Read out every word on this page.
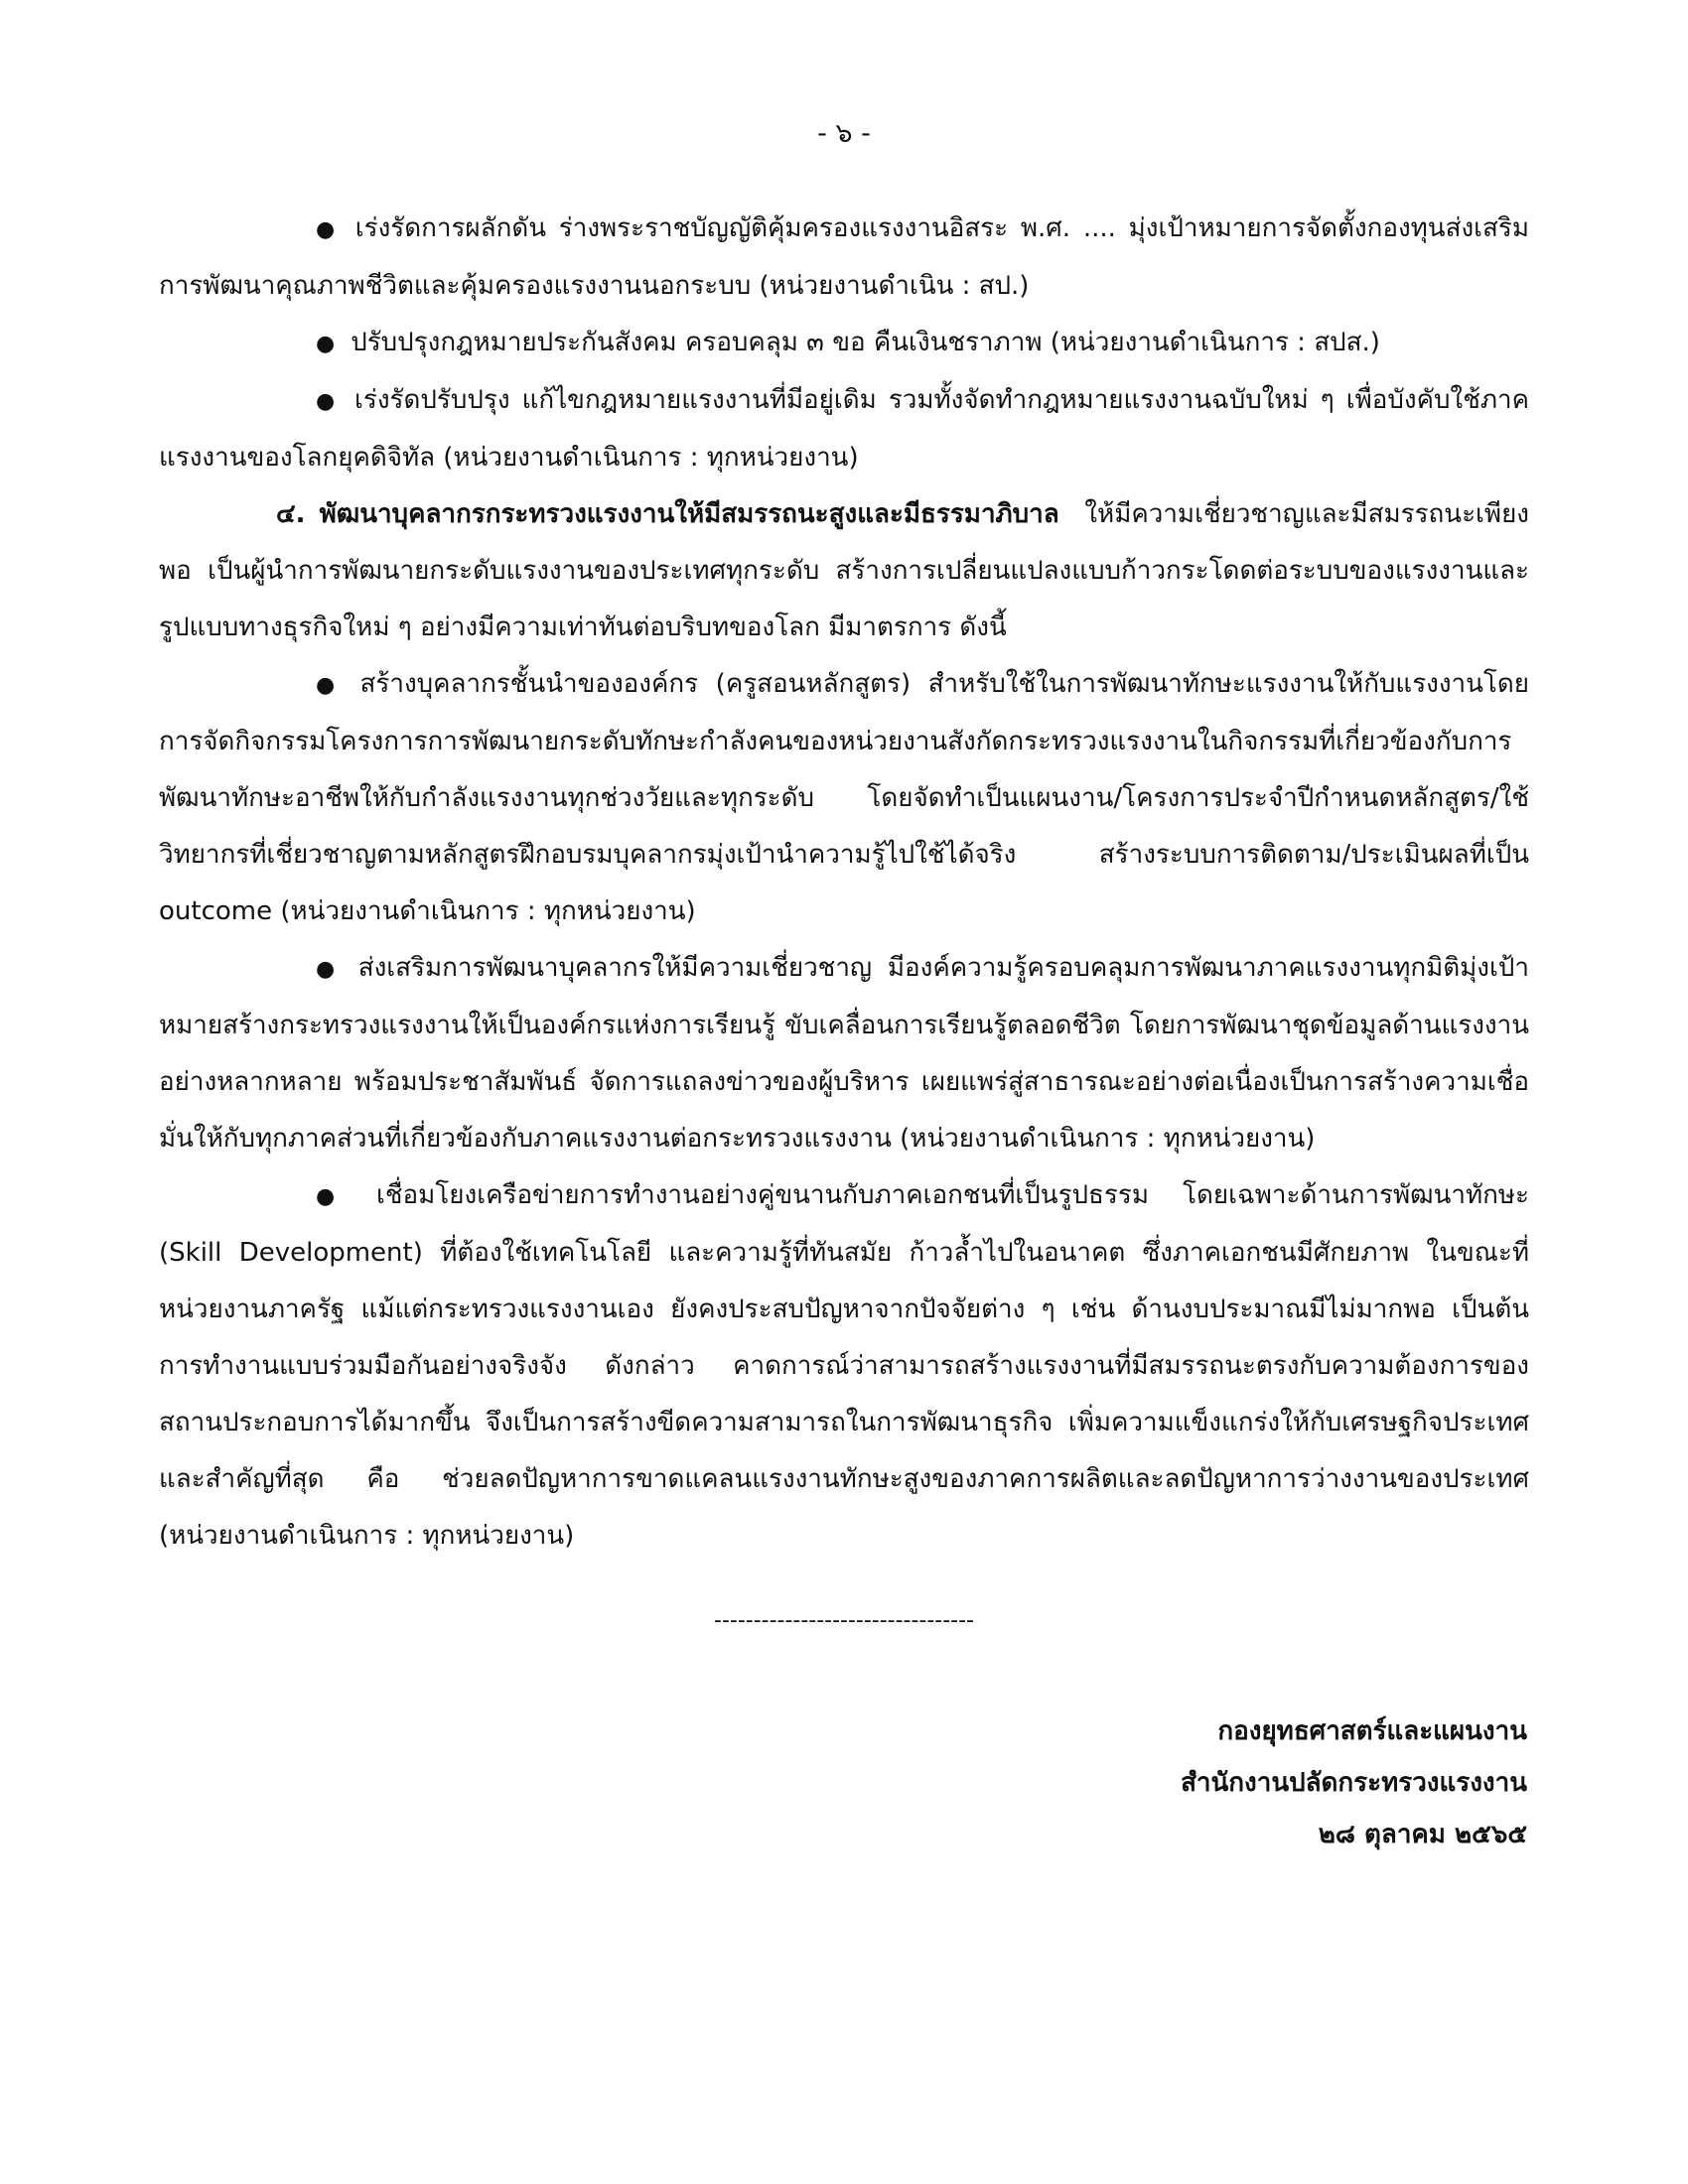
- ๖ -

● เร่งรัดการผลักดัน ร่างพระราชบัญญัติคุ้มครองแรงงานอิสระ พ.ศ. .... มุ่งเป้าหมายการจัดตั้งกองทุนส่งเสริมการพัฒนาคุณภาพชีวิตและคุ้มครองแรงงานนอกระบบ (หน่วยงานดำเนิน : สป.)

● ปรับปรุงกฎหมายประกันสังคม ครอบคลุม ๓ ขอ คืนเงินชราภาพ (หน่วยงานดำเนินการ : สปส.)

● เร่งรัดปรับปรุง แก้ไขกฎหมายแรงงานที่มีอยู่เดิม รวมทั้งจัดทำกฎหมายแรงงานฉบับใหม่ ๆ เพื่อบังคับใช้ภาคแรงงานของโลกยุคดิจิทัล (หน่วยงานดำเนินการ : ทุกหน่วยงาน)

๔. พัฒนาบุคลากรกระทรวงแรงงานให้มีสมรรถนะสูงและมีธรรมาภิบาล ให้มีความเชี่ยวชาญและมีสมรรถนะเพียงพอ เป็นผู้นำการพัฒนายกระดับแรงงานของประเทศทุกระดับ สร้างการเปลี่ยนแปลงแบบก้าวกระโดดต่อระบบของแรงงานและรูปแบบทางธุรกิจใหม่ ๆ อย่างมีความเท่าทันต่อบริบทของโลก มีมาตรการ ดังนี้

● สร้างบุคลากรชั้นนำขององค์กร (ครูสอนหลักสูตร) สำหรับใช้ในการพัฒนาทักษะแรงงานให้กับแรงงานโดยการจัดกิจกรรมโครงการการพัฒนายกระดับทักษะกำลังคนของหน่วยงานสังกัดกระทรวงแรงงานในกิจกรรมที่เกี่ยวข้องกับการพัฒนาทักษะอาชีพให้กับกำลังแรงงานทุกช่วงวัยและทุกระดับ โดยจัดทำเป็นแผนงาน/โครงการประจำปีกำหนดหลักสูตร/ใช้วิทยากรที่เชี่ยวชาญตามหลักสูตรฝึกอบรมบุคลากรมุ่งเป้านำความรู้ไปใช้ได้จริง สร้างระบบการติดตาม/ประเมินผลที่เป็น outcome (หน่วยงานดำเนินการ : ทุกหน่วยงาน)

● ส่งเสริมการพัฒนาบุคลากรให้มีความเชี่ยวชาญ มีองค์ความรู้ครอบคลุมการพัฒนาภาคแรงงานทุกมิติมุ่งเป้าหมายสร้างกระทรวงแรงงานให้เป็นองค์กรแห่งการเรียนรู้ ขับเคลื่อนการเรียนรู้ตลอดชีวิต โดยการพัฒนาชุดข้อมูลด้านแรงงานอย่างหลากหลาย พร้อมประชาสัมพันธ์ จัดการแถลงข่าวของผู้บริหาร เผยแพร่สู่สาธารณะอย่างต่อเนื่องเป็นการสร้างความเชื่อมั่นให้กับทุกภาคส่วนที่เกี่ยวข้องกับภาคแรงงานต่อกระทรวงแรงงาน (หน่วยงานดำเนินการ : ทุกหน่วยงาน)

● เชื่อมโยงเครือข่ายการทำงานอย่างคู่ขนานกับภาคเอกชนที่เป็นรูปธรรม โดยเฉพาะด้านการพัฒนาทักษะ (Skill Development) ที่ต้องใช้เทคโนโลยี และความรู้ที่ทันสมัย ก้าวล้ำไปในอนาคต ซึ่งภาคเอกชนมีศักยภาพ ในขณะที่หน่วยงานภาครัฐ แม้แต่กระทรวงแรงงานเอง ยังคงประสบปัญหาจากปัจจัยต่าง ๆ เช่น ด้านงบประมาณมีไม่มากพอ เป็นต้น การทำงานแบบร่วมมือกันอย่างจริงจัง ดังกล่าว คาดการณ์ว่าสามารถสร้างแรงงานที่มีสมรรถนะตรงกับความต้องการของสถานประกอบการได้มากขึ้น จึงเป็นการสร้างขีดความสามารถในการพัฒนาธุรกิจ เพิ่มความแข็งแกร่งให้กับเศรษฐกิจประเทศ และสำคัญที่สุด คือ ช่วยลดปัญหาการขาดแคลนแรงงานทักษะสูงของภาคการผลิตและลดปัญหาการว่างงานของประเทศ (หน่วยงานดำเนินการ : ทุกหน่วยงาน)

---------------------------------
กองยุทธศาสตร์และแผนงาน
สำนักงานปลัดกระทรวงแรงงาน
๒๘ ตุลาคม ๒๕๖๕
